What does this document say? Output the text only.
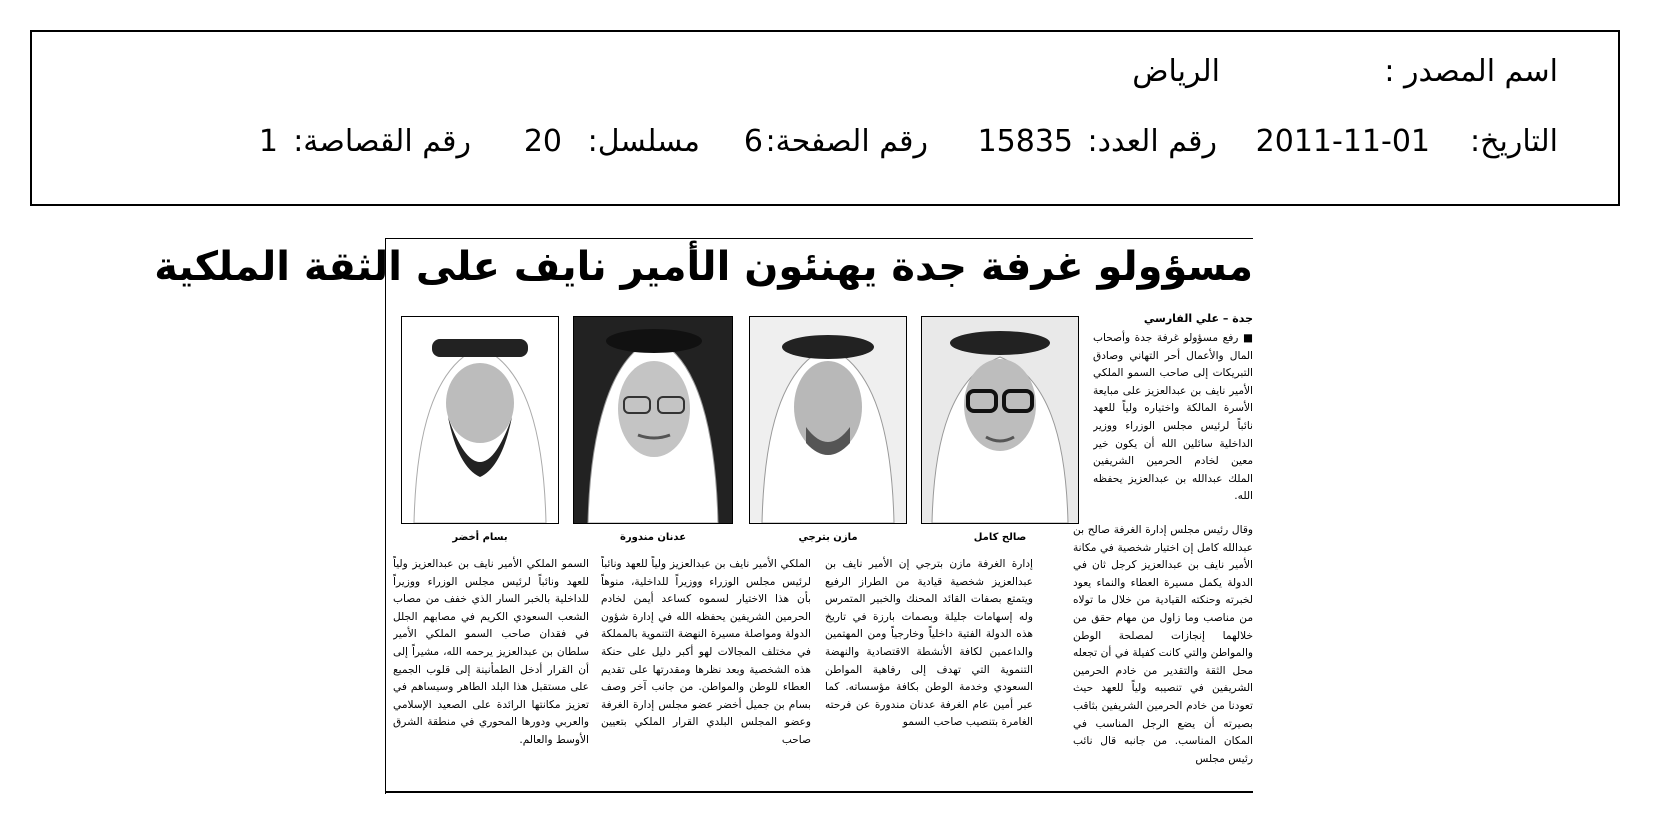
اسم المصدر :
الرياض
التاريخ:
2011-11-01
رقم العدد:
15835
رقم الصفحة:
6
مسلسل:
20
رقم القصاصة:
1
مسؤولو غرفة جدة يهنئون الأمير نايف على الثقة الملكية
جدة – علي الفارسي

■ رفع مسؤولو غرفة جدة وأصحاب المال والأعمال أحر التهاني وصادق التبريكات إلى صاحب السمو الملكي الأمير نايف بن عبدالعزيز على مبايعة الأسرة المالكة واختياره ولياً للعهد نائباً لرئيس مجلس الوزراء ووزير الداخلية سائلين الله أن يكون خير معين لخادم الحرمين الشريفين الملك عبدالله بن عبدالعزيز يحفظه الله.

صالح كامل
مازن بترجي
عدنان مندورة
بسام أخضر

وقال رئيس مجلس إدارة الغرفة صالح بن عبدالله كامل إن اختيار شخصية في مكانة الأمير نايف بن عبدالعزيز كرجل ثان في الدولة يكمل مسيرة العطاء والنماء يعود لخبرته وحنكته القيادية من خلال ما تولاه من مناصب وما زاول من مهام حقق من خلالهما إنجازات لمصلحة الوطن والمواطن والتي كانت كفيلة في أن تجعله محل الثقة والتقدير من خادم الحرمين الشريفين في تنصيبه ولياً للعهد حيث تعودنا من خادم الحرمين الشريفين بثاقب بصيرته أن يضع الرجل المناسب في المكان المناسب. من جانبه قال نائب رئيس مجلس

إدارة الغرفة مازن بترجي إن الأمير نايف بن عبدالعزيز شخصية قيادية من الطراز الرفيع ويتمتع بصفات القائد المحنك والخبير المتمرس وله إسهامات جليلة وبصمات بارزة في تاريخ هذه الدولة الفتية داخلياً وخارجياً ومن المهتمين والداعمين لكافة الأنشطة الاقتصادية والنهضة التنموية التي تهدف إلى رفاهية المواطن السعودي وخدمة الوطن بكافة مؤسساته. كما عبر أمين عام الغرفة عدنان مندورة عن فرحته الغامرة بتنصيب صاحب السمو

الملكي الأمير نايف بن عبدالعزيز ولياً للعهد ونائباً لرئيس مجلس الوزراء ووزيراً للداخلية، منوهاً بأن هذا الاختيار لسموه كساعد أيمن لخادم الحرمين الشريفين يحفظه الله في إدارة شؤون الدولة ومواصلة مسيرة النهضة التنموية بالمملكة في مختلف المجالات لهو أكبر دليل على حنكة هذه الشخصية وبعد نظرها ومقدرتها على تقديم العطاء للوطن والمواطن. من جانب آخر وصف بسام بن جميل أخضر عضو مجلس إدارة الغرفة وعضو المجلس البلدي القرار الملكي بتعيين صاحب

السمو الملكي الأمير نايف بن عبدالعزيز ولياً للعهد ونائباً لرئيس مجلس الوزراء ووزيراً للداخلية بالخبر السار الذي خفف من مصاب الشعب السعودي الكريم في مصابهم الجلل في فقدان صاحب السمو الملكي الأمير سلطان بن عبدالعزيز يرحمه الله، مشيراً إلى أن القرار أدخل الطمأنينة إلى قلوب الجميع على مستقبل هذا البلد الطاهر وسيساهم في تعزيز مكانتها الرائدة على الصعيد الإسلامي والعربي ودورها المحوري في منطقة الشرق الأوسط والعالم.
